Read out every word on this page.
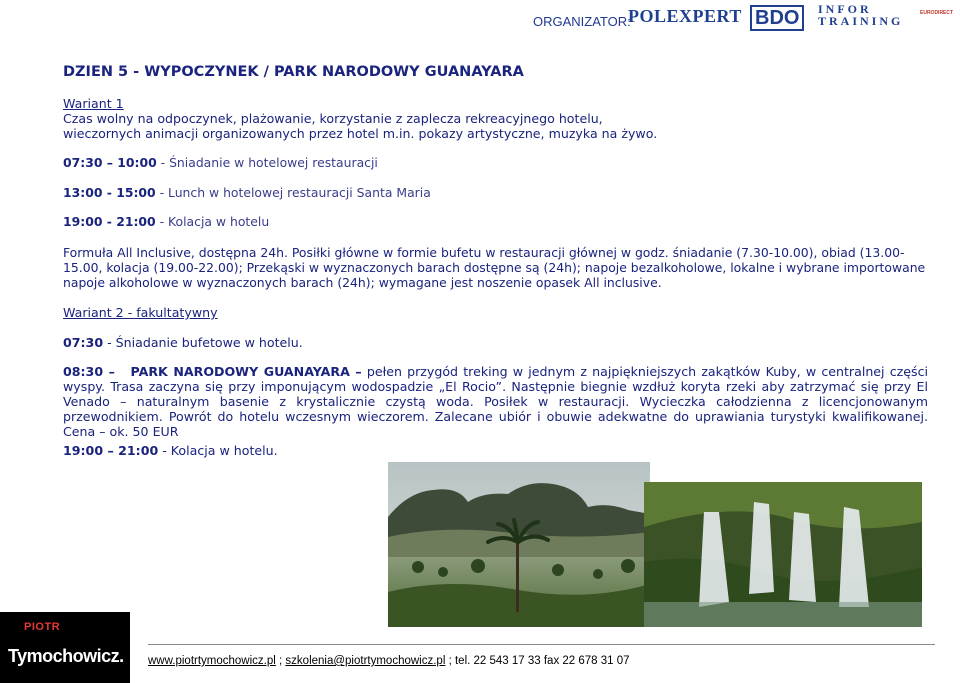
ORGANIZATOR:
POLEXPERT BDO	INFOR
TRAINING
EURODIRECT
DZIEN 5 - WYPOCZYNEK / PARK NARODOWY GUANAYARA
Wariant 1
Czas wolny na odpoczynek, plażowanie, korzystanie z zaplecza rekreacyjnego hotelu,
wieczornych animacji organizowanych przez hotel m.in. pokazy artystyczne, muzyka na żywo.
07:30 – 10:00 - Śniadanie w hotelowej restauracji
13:00 - 15:00 - Lunch w hotelowej restauracji Santa Maria
19:00 - 21:00 - Kolacja w hotelu
Formuła All Inclusive, dostępna 24h. Posiłki główne w formie bufetu w restauracji głównej w godz. śniadanie (7.30-10.00), obiad (13.00-15.00, kolacja (19.00-22.00); Przekąski w wyznaczonych barach dostępne są (24h); napoje bezalkoholowe, lokalne i wybrane importowane napoje alkoholowe w wyznaczonych barach (24h); wymagane jest noszenie opasek All inclusive.
Wariant 2 - fakultatywny
07:30 - Śniadanie bufetowe w hotelu.
08:30 – PARK NARODOWY GUANAYARA – pełen przygód treking w jednym z najpiękniejszych zakątków Kuby, w centralnej części wyspy. Trasa zaczyna się przy imponującym wodospadzie „El Rocio”. Następnie biegnie wzdłuż koryta rzeki aby zatrzymać się przy El Venado – naturalnym basenie z krystalicznie czystą woda. Posiłek w restauracji. Wycieczka całodzienna z licencjonowanym przewodnikiem. Powrót do hotelu wczesnym wieczorem. Zalecane ubiór i obuwie adekwatne do uprawiania turystyki kwalifikowanej. Cena – ok. 50 EUR
19:00 – 21:00 - Kolacja w hotelu.
PIOTR
Tymochowicz. www.piotrtymochowicz.pl ; szkolenia@piotrtymochowicz.pl ; tel. 22 543 17 33 fax 22 678 31 07
